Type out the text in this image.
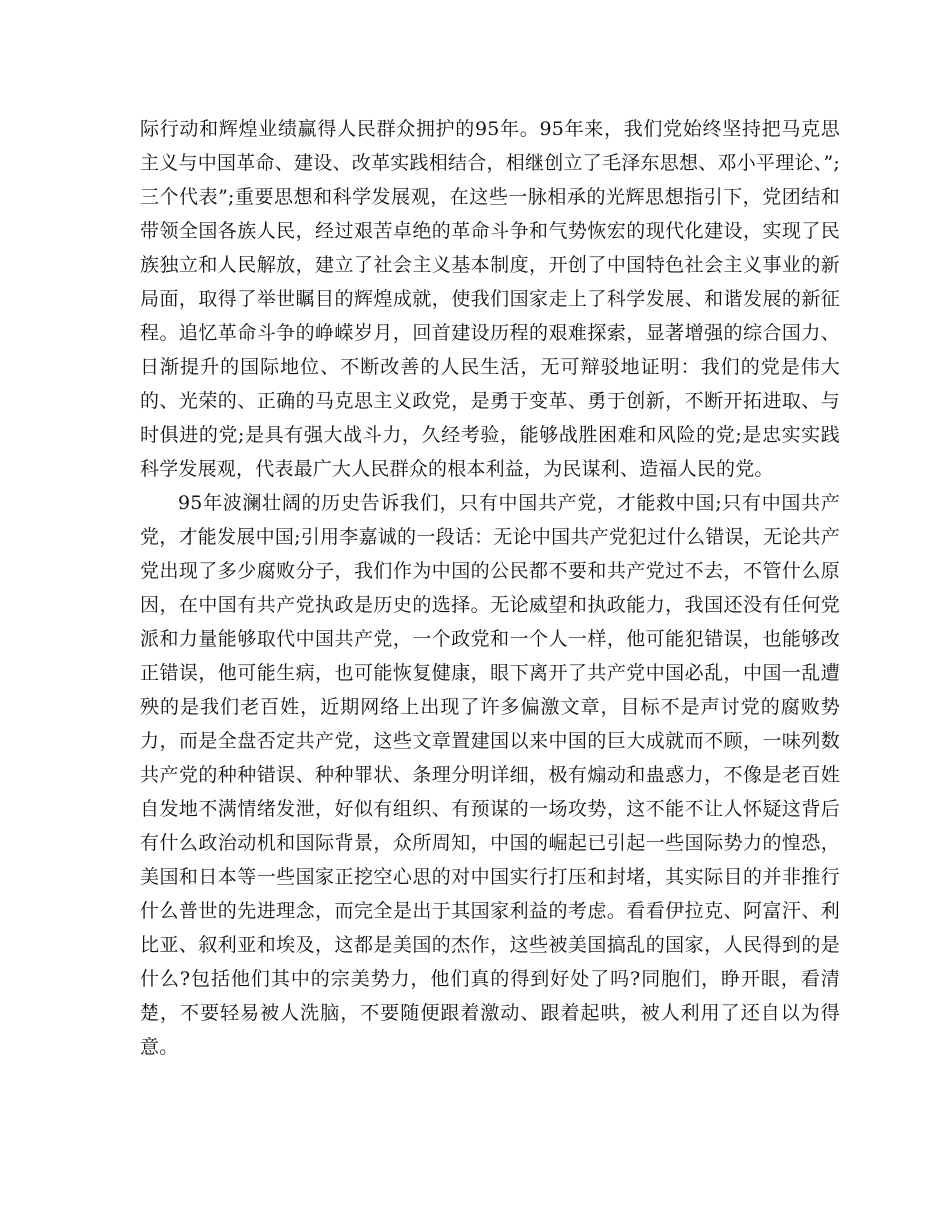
际行动和辉煌业绩赢得人民群众拥护的95年。95年来，我们党始终坚持把马克思主义与中国革命、建设、改革实践相结合，相继创立了毛泽东思想、邓小平理论、”;三个代表”;重要思想和科学发展观，在这些一脉相承的光辉思想指引下，党团结和带领全国各族人民，经过艰苦卓绝的革命斗争和气势恢宏的现代化建设，实现了民族独立和人民解放，建立了社会主义基本制度，开创了中国特色社会主义事业的新局面，取得了举世瞩目的辉煌成就，使我们国家走上了科学发展、和谐发展的新征程。追忆革命斗争的峥嵘岁月，回首建设历程的艰难探索，显著增强的综合国力、日渐提升的国际地位、不断改善的人民生活，无可辩驳地证明：我们的党是伟大的、光荣的、正确的马克思主义政党，是勇于变革、勇于创新，不断开拓进取、与时俱进的党;是具有强大战斗力，久经考验，能够战胜困难和风险的党;是忠实实践科学发展观，代表最广大人民群众的根本利益，为民谋利、造福人民的党。

95年波澜壮阔的历史告诉我们，只有中国共产党，才能救中国;只有中国共产党，才能发展中国;引用李嘉诚的一段话：无论中国共产党犯过什么错误，无论共产党出现了多少腐败分子，我们作为中国的公民都不要和共产党过不去，不管什么原因，在中国有共产党执政是历史的选择。无论威望和执政能力，我国还没有任何党派和力量能够取代中国共产党，一个政党和一个人一样，他可能犯错误，也能够改正错误，他可能生病，也可能恢复健康，眼下离开了共产党中国必乱，中国一乱遭殃的是我们老百姓，近期网络上出现了许多偏激文章，目标不是声讨党的腐败势力，而是全盘否定共产党，这些文章置建国以来中国的巨大成就而不顾，一味列数共产党的种种错误、种种罪状、条理分明详细，极有煽动和蛊惑力，不像是老百姓自发地不满情绪发泄，好似有组织、有预谋的一场攻势，这不能不让人怀疑这背后有什么政治动机和国际背景，众所周知，中国的崛起已引起一些国际势力的惶恐，美国和日本等一些国家正挖空心思的对中国实行打压和封堵，其实际目的并非推行什么普世的先进理念，而完全是出于其国家利益的考虑。看看伊拉克、阿富汗、利比亚、叙利亚和埃及，这都是美国的杰作，这些被美国搞乱的国家，人民得到的是什么?包括他们其中的宗美势力，他们真的得到好处了吗?同胞们，睁开眼，看清楚，不要轻易被人洗脑，不要随便跟着激动、跟着起哄，被人利用了还自以为得意。
